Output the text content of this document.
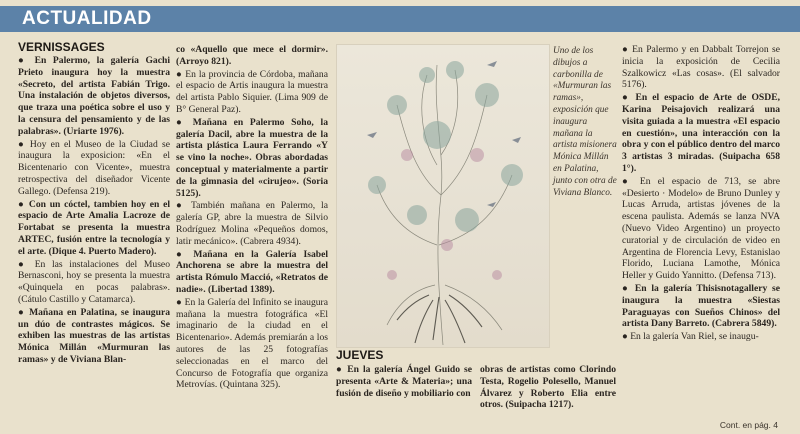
ACTUALIDAD
VERNISSAGES

● En Palermo, la galería Gachi Prieto inaugura hoy la muestra «Secreto, del artista Fabián Trigo. Una instalación de objetos diversos, que traza una poética sobre el uso y la censura del pensamiento y de las palabras». (Uriarte 1976).

● Hoy en el Museo de la Ciudad se inaugura la exposicion: «En el Bicentenario con Vicente», muestra retrospectiva del diseñador Vicente Gallego. (Defensa 219).

● Con un cóctel, tambien hoy en el espacio de Arte Amalia Lacroze de Fortabat se presenta la muestra ARTEC, fusión entre la tecnología y el arte. (Dique 4. Puerto Madero).

● En las instalaciones del Museo Bernasconi, hoy se presenta la muestra «Quinquela en pocas palabras». (Cátulo Castillo y Catamarca).

● Mañana en Palatina, se inaugura un dúo de contrastes mágicos. Se exhiben las muestras de las artistas Mónica Millán «Murmuran las ramas» y de Viviana Blan-

co «Aquello que mece el dormir». (Arroyo 821).

● En la provincia de Córdoba, mañana el espacio de Artis inaugura la muestra del artista Pablo Siquier. (Lima 909 de B° General Paz).

● Mañana en Palermo Soho, la galería Dacil, abre la muestra de la artista plástica Laura Ferrando «Y se vino la noche». Obras abordadas conceptual y materialmente a partir de la gimnasia del «cirujeo». (Soria 5125).

● También mañana en Palermo, la galería GP, abre la muestra de Silvio Rodríguez Molina «Pequeños domos, latir mecánico». (Cabrera 4934).

● Mañana en la Galería Isabel Anchorena se abre la muestra del artista Rómulo Macció, «Retratos de nadie». (Libertad 1389).

● En la Galería del Infinito se inaugura mañana la muestra fotográfica «El imaginario de la ciudad en el Bicentenario». Además premiarán a los autores de las 25 fotografías seleccionadas en el marco del Concurso de Fotografía que organiza Metrovías. (Quintana 325).

Uno de los dibujos a carbonilla de «Murmuran las ramas», exposición que inaugura mañana la artista misionera Mónica Millán en Palatina, junto con otra de Viviana Blanco.
JUEVES
● En la galería Ángel Guido se presenta «Arte & Materia»; una fusión de diseño y mobiliario con
obras de artistas como Clorindo Testa, Rogelio Polesello, Manuel Álvarez y Roberto Elia entre otros. (Suipacha 1217).

● En Palermo y en Dabbalt Torrejon se inicia la exposición de Cecilia Szalkowicz «Las cosas». (El salvador 5176).

● En el espacio de Arte de OSDE, Karina Peisajovich realizará una visita guiada a la muestra «El espacio en cuestión», una interacción con la obra y con el público dentro del marco 3 artistas 3 miradas. (Suipacha 658 1°).

● En el espacio de 713, se abre «Desierto · Modelo» de Bruno Dunley y Lucas Arruda, artistas jóvenes de la escena paulista. Además se lanza NVA (Nuevo Video Argentino) un proyecto curatorial y de circulación de video en Argentina de Florencia Levy, Estanislao Florido, Luciana Lamothe, Mónica Heller y Guido Yannitto. (Defensa 713).

● En la galería Thisisnotagallery se inaugura la muestra «Siestas Paraguayas con Sueños Chinos» del artista Dany Barreto. (Cabrera 5849).

● En la galería Van Riel, se inaugu-

Cont. en pág. 4
